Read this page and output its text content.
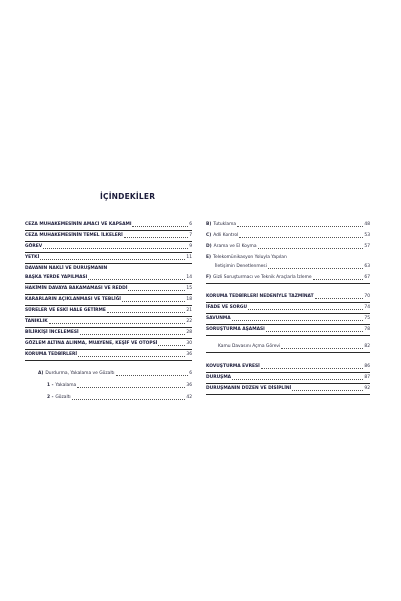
İÇİNDEKİLER
CEZA MUHAKEMESİNİN AMACI VE KAPSAMI	6
CEZA MUHAKEMESİNİN TEMEL İLKELERİ	7
GÖREV	9
YETKİ	11
DAVANIN NAKLİ VE DURUŞMANIN
BAŞKA YERDE YAPILMASI	14
HAKİMİN DAVAYA BAKAMAMASI VE REDDİ	15
KARARLARIN AÇIKLANMASI VE TEBLİĞİ	18
SÜRELER VE ESKİ HALE GETİRME	21
TANIKLIK	22
BİLİRKİŞİ İNCELEMESİ	28
GÖZLEM ALTINA ALINMA, MUAYENE, KEŞİF VE OTOPSİ	30
KORUMA TEDBİRLERİ	36
A) Durdurma, Yakalama ve Gözaltı	6
1 - Yakalama	36
2 - Gözaltı	42
B) Tutuklama	48
C) Adli Kontrol	53
D) Arama ve El Koyma	57
E) Telekomünikasyon Yoluyla Yapılan
İletişimin Denetlenmesi	63
F) Gizli Soruşturmacı ve Teknik Araçlarla İzleme	67
KORUMA TEDBİRLERİ NEDENİYLE TAZMİNAT	70
İFADE VE SORGU	74
SAVUNMA	75
SORUŞTURMA AŞAMASI	78
Kamu Davasını Açma Görevi	82
KOVUŞTURMA EVRESİ	86
DURUŞMA	87
DURUŞMANIN DÜZEN VE DİSİPLİNİ	92
